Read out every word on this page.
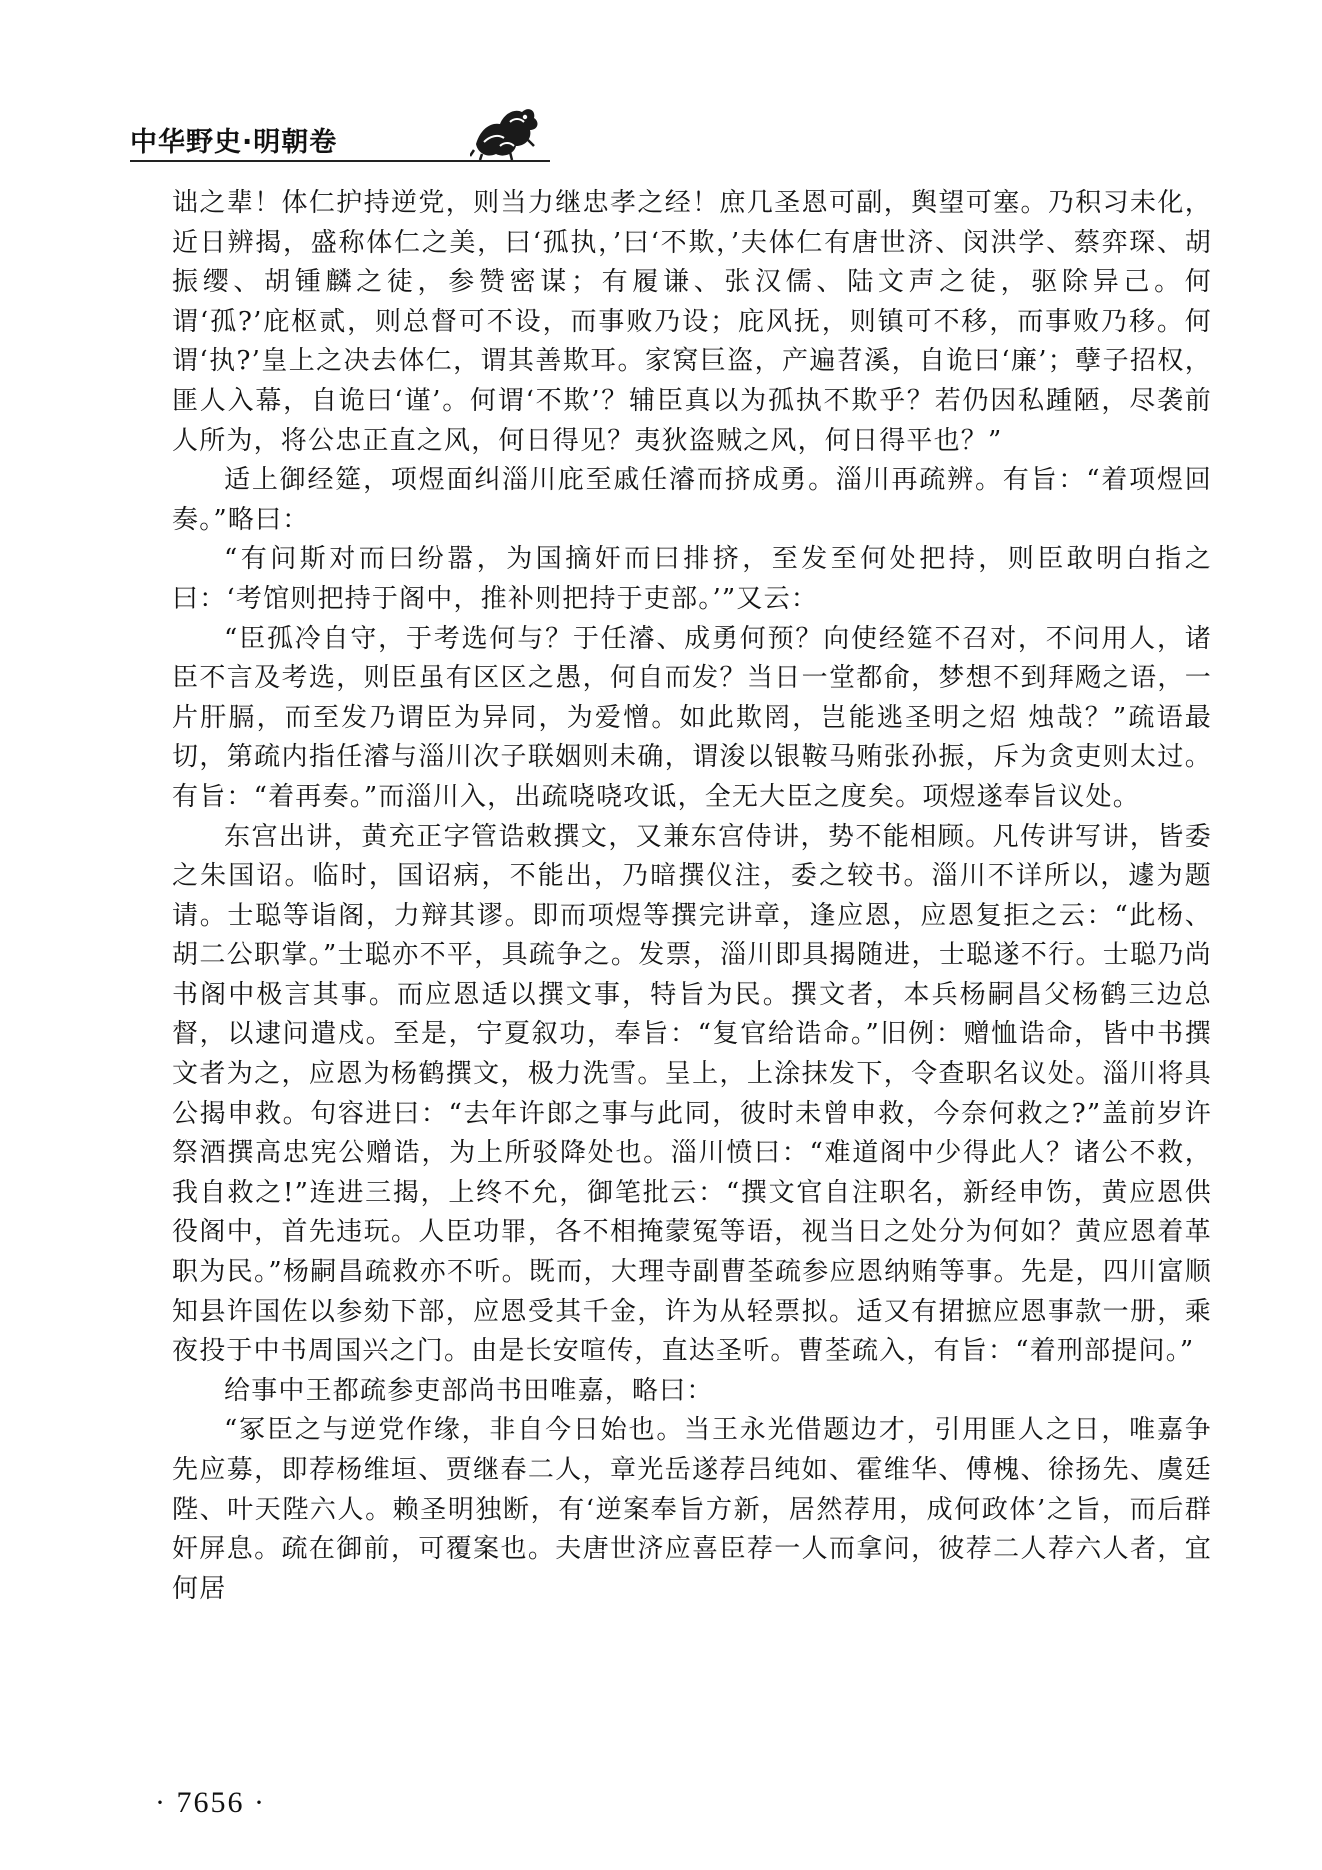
中华野史·明朝卷

诎之辈！体仁护持逆党，则当力继忠孝之经！庶几圣恩可副，舆望可塞。乃积习未化，近日辨揭，盛称体仁之美，曰‘孤执，’曰‘不欺，’夫体仁有唐世济、闵洪学、蔡弈琛、胡振缨、胡锺麟之徒，参赞密谋；有履谦、张汉儒、陆文声之徒，驱除异己。何谓‘孤?’庇枢贰，则总督可不设，而事败乃设；庇风抚，则镇可不移，而事败乃移。何谓‘执?’皇上之决去体仁，谓其善欺耳。家窝巨盗，产遍苕溪，自诡曰‘廉’；孽子招权，匪人入幕，自诡曰‘谨’。何谓‘不欺’？辅臣真以为孤执不欺乎？若仍因私踵陋，尽袭前人所为，将公忠正直之风，何日得见？夷狄盗贼之风，何日得平也？”

适上御经筵，项煜面纠淄川庇至戚任濬而挤成勇。淄川再疏辨。有旨：“着项煜回奏。”略曰：

“有问斯对而曰纷嚣，为国摘奸而曰排挤，至发至何处把持，则臣敢明白指之曰：‘考馆则把持于阁中，推补则把持于吏部。’”又云：

“臣孤冷自守，于考选何与？于任濬、成勇何预？向使经筵不召对，不问用人，诸臣不言及考选，则臣虽有区区之愚，何自而发？当日一堂都俞，梦想不到拜飏之语，一片肝膈，而至发乃谓臣为异同，为爱憎。如此欺罔，岂能逃圣明之炤 烛哉？”疏语最切，第疏内指任濬与淄川次子联姻则未确，谓浚以银鞍马贿张孙振，斥为贪吏则太过。有旨：“着再奏。”而淄川入，出疏哓哓攻诋，全无大臣之度矣。项煜遂奉旨议处。

东宫出讲，黄充正字管诰敕撰文，又兼东宫侍讲，势不能相顾。凡传讲写讲，皆委之朱国诏。临时，国诏病，不能出，乃暗撰仪注，委之较书。淄川不详所以，遽为题请。士聪等诣阁，力辩其谬。即而项煜等撰完讲章，逢应恩，应恩复拒之云：“此杨、胡二公职掌。”士聪亦不平，具疏争之。发票，淄川即具揭随进，士聪遂不行。士聪乃尚书阁中极言其事。而应恩适以撰文事，特旨为民。撰文者，本兵杨嗣昌父杨鹤三边总督，以逮问遣戍。至是，宁夏叙功，奉旨：“复官给诰命。”旧例：赠恤诰命，皆中书撰文者为之，应恩为杨鹤撰文，极力洗雪。呈上，上涂抹发下，令查职名议处。淄川将具公揭申救。句容进曰：“去年许郎之事与此同，彼时未曾申救，今奈何救之?”盖前岁许祭酒撰高忠宪公赠诰，为上所驳降处也。淄川愤曰：“难道阁中少得此人？诸公不救，我自救之!”连进三揭，上终不允，御笔批云：“撰文官自注职名，新经申饬，黄应恩供役阁中，首先违玩。人臣功罪，各不相掩蒙冤等语，视当日之处分为何如？黄应恩着革职为民。”杨嗣昌疏救亦不听。既而，大理寺副曹荃疏参应恩纳贿等事。先是，四川富顺知县许国佐以参劾下部，应恩受其千金，许为从轻票拟。适又有捃摭应恩事款一册，乘夜投于中书周国兴之门。由是长安喧传，直达圣听。曹荃疏入，有旨：“着刑部提问。”

给事中王都疏参吏部尚书田唯嘉，略曰：

“冢臣之与逆党作缘，非自今日始也。当王永光借题边才，引用匪人之日，唯嘉争先应募，即荐杨维垣、贾继春二人，章光岳遂荐吕纯如、霍维华、傅槐、徐扬先、虞廷陛、叶天陛六人。赖圣明独断，有‘逆案奉旨方新，居然荐用，成何政体’之旨，而后群奸屏息。疏在御前，可覆案也。夫唐世济应喜臣荐一人而拿问，彼荐二人荐六人者，宜何居

· 7656 ·
